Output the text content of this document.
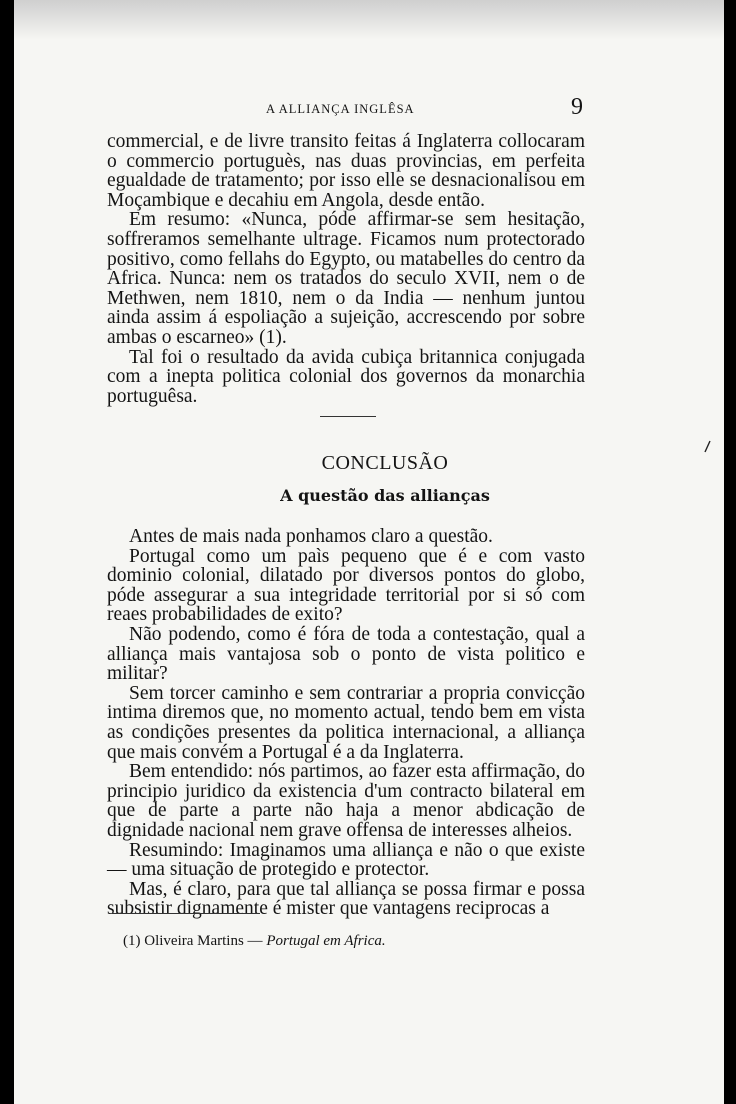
A ALLIANÇA INGLÊSA	9

commercial, e de livre transito feitas á Inglaterra collocaram o commercio portuguès, nas duas provincias, em perfeita egualdade de tratamento; por isso elle se desnacionalisou em Moçambique e decahiu em Angola, desde então.

Em resumo: «Nunca, póde affirmar-se sem hesitação, soffreramos semelhante ultrage. Ficamos num protectorado positivo, como fellahs do Egypto, ou matabelles do centro da Africa. Nunca: nem os tratados do seculo XVII, nem o de Methwen, nem 1810, nem o da India — nenhum juntou ainda assim á espoliação a sujeição, accrescendo por sobre ambas o escarneo» (1).

Tal foi o resultado da avida cubiça britannica conjugada com a inepta politica colonial dos governos da monarchia portuguêsa.

CONCLUSÃO
A questão das allianças

Antes de mais nada ponhamos claro a questão.

Portugal como um paìs pequeno que é e com vasto dominio colonial, dilatado por diversos pontos do globo, póde assegurar a sua integridade territorial por si só com reaes probabilidades de exito?

Não podendo, como é fóra de toda a contestação, qual a alliança mais vantajosa sob o ponto de vista politico e militar?

Sem torcer caminho e sem contrariar a propria convicção intima diremos que, no momento actual, tendo bem em vista as condições presentes da politica internacional, a alliança que mais convém a Portugal é a da Inglaterra.

Bem entendido: nós partimos, ao fazer esta affirmação, do principio juridico da existencia d'um contracto bilateral em que de parte a parte não haja a menor abdicação de dignidade nacional nem grave offensa de interesses alheios.

Resumindo: Imaginamos uma alliança e não o que existe — uma situação de protegido e protector.

Mas, é claro, para que tal alliança se possa firmar e possa subsistir dignamente é mister que vantagens reciprocas a

(1) Oliveira Martins — Portugal em Africa.
